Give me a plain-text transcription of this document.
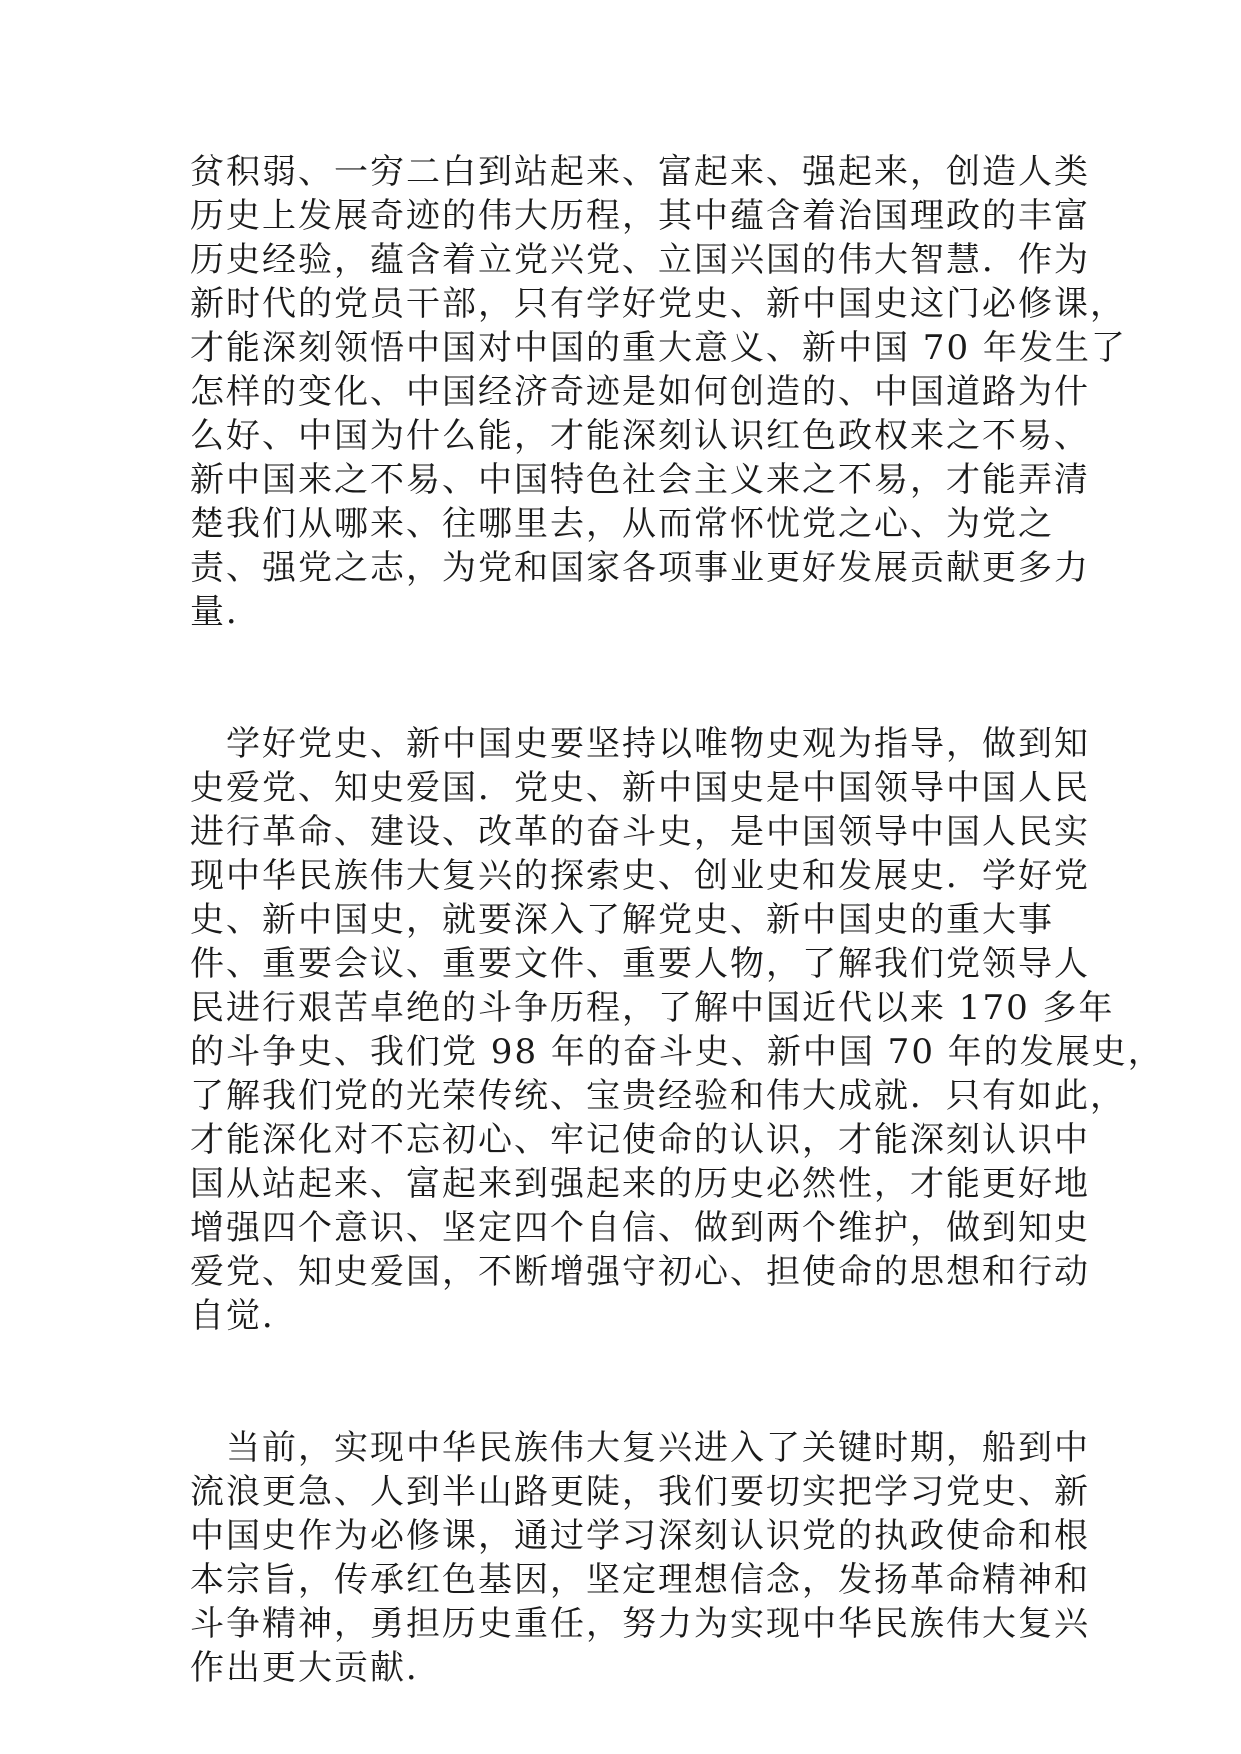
贫积弱、一穷二白到站起来、富起来、强起来，创造人类
历史上发展奇迹的伟大历程，其中蕴含着治国理政的丰富
历史经验，蕴含着立党兴党、立国兴国的伟大智慧．作为
新时代的党员干部，只有学好党史、新中国史这门必修课，
才能深刻领悟中国对中国的重大意义、新中国 70 年发生了
怎样的变化、中国经济奇迹是如何创造的、中国道路为什
么好、中国为什么能，才能深刻认识红色政权来之不易、
新中国来之不易、中国特色社会主义来之不易，才能弄清
楚我们从哪来、往哪里去，从而常怀忧党之心、为党之
责、强党之志，为党和国家各项事业更好发展贡献更多力
量．
　学好党史、新中国史要坚持以唯物史观为指导，做到知
史爱党、知史爱国．党史、新中国史是中国领导中国人民
进行革命、建设、改革的奋斗史，是中国领导中国人民实
现中华民族伟大复兴的探索史、创业史和发展史．学好党
史、新中国史，就要深入了解党史、新中国史的重大事
件、重要会议、重要文件、重要人物，了解我们党领导人
民进行艰苦卓绝的斗争历程，了解中国近代以来 170 多年
的斗争史、我们党 98 年的奋斗史、新中国 70 年的发展史，
了解我们党的光荣传统、宝贵经验和伟大成就．只有如此，
才能深化对不忘初心、牢记使命的认识，才能深刻认识中
国从站起来、富起来到强起来的历史必然性，才能更好地
增强四个意识、坚定四个自信、做到两个维护，做到知史
爱党、知史爱国，不断增强守初心、担使命的思想和行动
自觉．
　当前，实现中华民族伟大复兴进入了关键时期，船到中
流浪更急、人到半山路更陡，我们要切实把学习党史、新
中国史作为必修课，通过学习深刻认识党的执政使命和根
本宗旨，传承红色基因，坚定理想信念，发扬革命精神和
斗争精神，勇担历史重任，努力为实现中华民族伟大复兴
作出更大贡献．
